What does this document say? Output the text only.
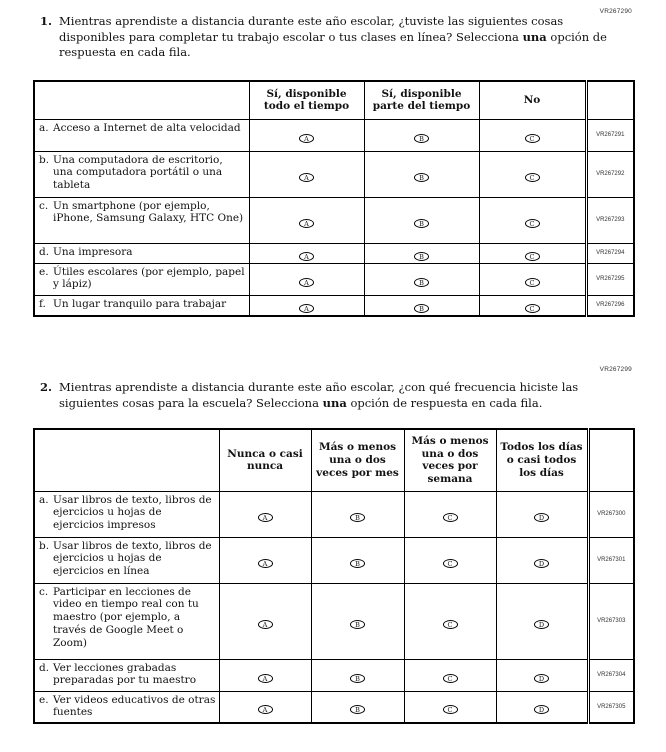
VR267290
VR267299
1. Mientras aprendiste a distancia durante este año escolar, ¿tuviste las siguientes cosas disponibles para completar tu trabajo escolar o tus clases en línea? Selecciona una opción de respuesta en cada fila.
	Sí, disponible todo el tiempo	Sí, disponible parte del tiempo	No	

a. Acceso a Internet de alta velocidad	A	B	C	VR267291

b. Una computadora de escritorio, una computadora portátil o una tableta	A	B	C	VR267292

c. Un smartphone (por ejemplo, iPhone, Samsung Galaxy, HTC One)	A	B	C	VR267293

d. Una impresora	A	B	C	VR267294

e. Útiles escolares (por ejemplo, papel y lápiz)	A	B	C	VR267295

f. Un lugar tranquilo para trabajar	A	B	C	VR267296
2. Mientras aprendiste a distancia durante este año escolar, ¿con qué frecuencia hiciste las siguientes cosas para la escuela? Selecciona una opción de respuesta en cada fila.
	Nunca o casi nunca	Más o menos una o dos veces por mes	Más o menos una o dos veces por semana	Todos los días o casi todos los días	

a. Usar libros de texto, libros de ejercicios u hojas de ejercicios impresos	A	B	C	D	VR267300

b. Usar libros de texto, libros de ejercicios u hojas de ejercicios en línea	A	B	C	D	VR267301

c. Participar en lecciones de video en tiempo real con tu maestro (por ejemplo, a través de Google Meet o Zoom)	A	B	C	D	VR267303

d. Ver lecciones grabadas preparadas por tu maestro	A	B	C	D	VR267304

e. Ver videos educativos de otras fuentes	A	B	C	D	VR267305
